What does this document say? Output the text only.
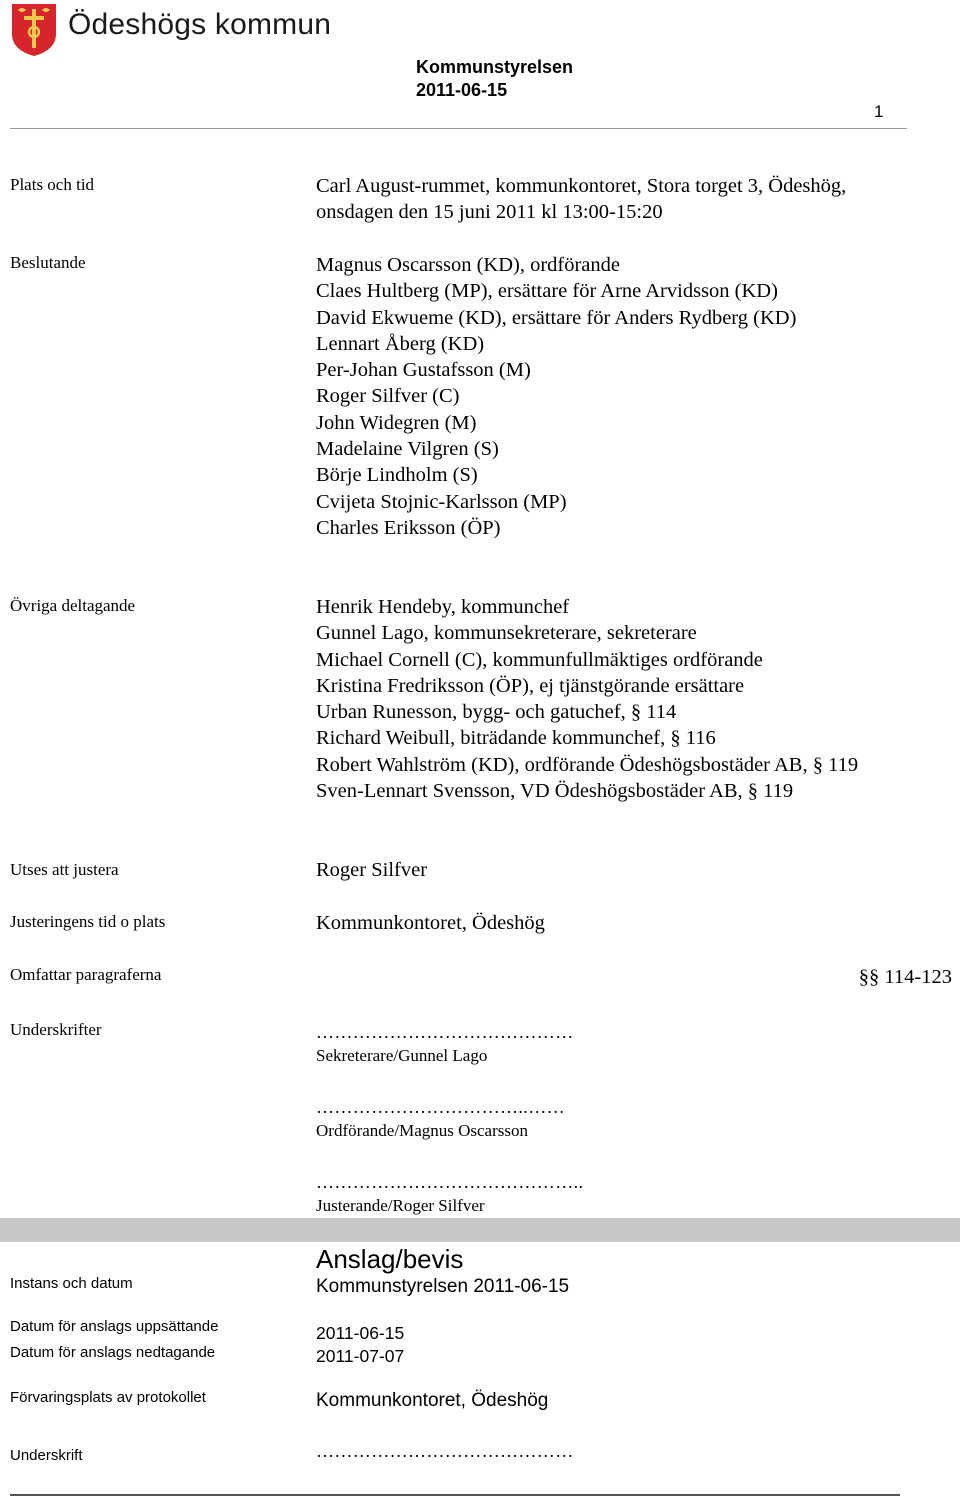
Ödeshögs kommun
Kommunstyrelsen
2011-06-15
1
Plats och tid	Carl August-rummet, kommunkontoret, Stora torget 3, Ödeshög,
onsdagen den 15 juni 2011 kl 13:00-15:20
Beslutande	Magnus Oscarsson (KD), ordförande
Claes Hultberg (MP), ersättare för Arne Arvidsson (KD)
David Ekwueme (KD), ersättare för Anders Rydberg (KD)
Lennart Åberg (KD)
Per-Johan Gustafsson (M)
Roger Silfver (C)
John Widegren (M)
Madelaine Vilgren (S)
Börje Lindholm (S)
Cvijeta Stojnic-Karlsson (MP)
Charles Eriksson (ÖP)
Övriga deltagande	Henrik Hendeby, kommunchef
Gunnel Lago, kommunsekreterare, sekreterare
Michael Cornell (C), kommunfullmäktiges ordförande
Kristina Fredriksson (ÖP), ej tjänstgörande ersättare
Urban Runesson, bygg- och gatuchef, § 114
Richard Weibull, biträdande kommunchef, § 116
Robert Wahlström (KD), ordförande Ödeshögsbostäder AB, § 119
Sven-Lennart Svensson, VD Ödeshögsbostäder AB, § 119
Utses att justera	Roger Silfver
Justeringens tid o plats	Kommunkontoret, Ödeshög
Omfattar paragraferna	§§ 114-123
Underskrifter	……………………………………
Sekreterare/Gunnel Lago
……………………………..……
Ordförande/Magnus Oscarsson
……………………………………..
Justerande/Roger Silfver
Anslag/bevis
Instans och datum	Kommunstyrelsen 2011-06-15
Datum för anslags uppsättande	2011-06-15
Datum för anslags nedtagande	2011-07-07
Förvaringsplats av protokollet	Kommunkontoret, Ödeshög
Underskrift	……………………………………
